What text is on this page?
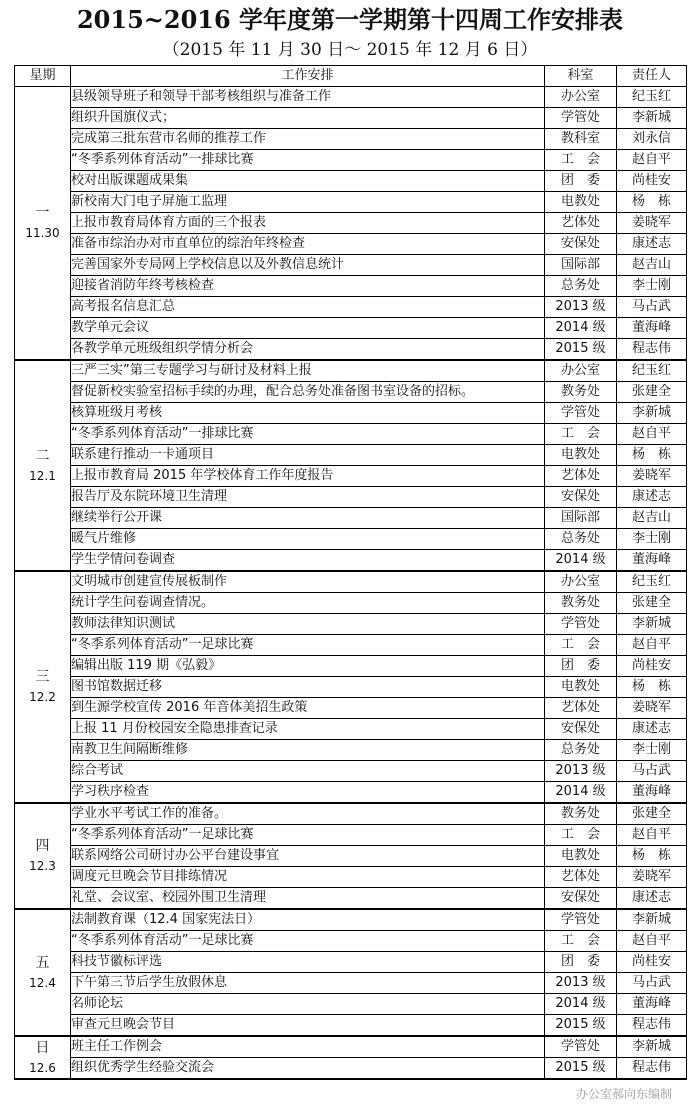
2015~2016 学年度第一学期第十四周工作安排表
（2015 年 11 月 30 日～ 2015 年 12 月 6 日）
星期	工作安排	科室	责任人

一
11.30	县级领导班子和领导干部考核组织与准备工作	办公室	纪玉红
	组织升国旗仪式；	学管处	李新城
	完成第三批东营市名师的推荐工作	教科室	刘永信
	“冬季系列体育活动”一排球比赛	工　会	赵自平
	校对出版课题成果集	团　委	尚桂安
	新校南大门电子屏施工监理	电教处	杨　栋
	上报市教育局体育方面的三个报表	艺体处	姜晓军
	准备市综治办对市直单位的综治年终检查	安保处	康述志
	完善国家外专局网上学校信息以及外教信息统计	国际部	赵吉山
	迎接省消防年终考核检查	总务处	李士刚
	高考报名信息汇总	2013 级	马占武
	教学单元会议	2014 级	董海峰
	各教学单元班级组织学情分析会	2015 级	程志伟

二
12.1	三严三实”第三专题学习与研讨及材料上报	办公室	纪玉红
	督促新校实验室招标手续的办理，配合总务处准备图书室设备的招标。	教务处	张建全
	核算班级月考核	学管处	李新城
	“冬季系列体育活动”一排球比赛	工　会	赵自平
	联系建行推动一卡通项目	电教处	杨　栋
	上报市教育局 2015 年学校体育工作年度报告	艺体处	姜晓军
	报告厅及东院环境卫生清理	安保处	康述志
	继续举行公开课	国际部	赵吉山
	暖气片维修	总务处	李士刚
	学生学情问卷调查	2014 级	董海峰

三
12.2	文明城市创建宣传展板制作	办公室	纪玉红
	统计学生问卷调查情况。	教务处	张建全
	教师法律知识测试	学管处	李新城
	“冬季系列体育活动”一足球比赛	工　会	赵自平
	编辑出版 119 期《弘毅》	团　委	尚桂安
	图书馆数据迁移	电教处	杨　栋
	到生源学校宣传 2016 年音体美招生政策	艺体处	姜晓军
	上报 11 月份校园安全隐患排查记录	安保处	康述志
	南教卫生间隔断维修	总务处	李士刚
	综合考试	2013 级	马占武
	学习秩序检查	2014 级	董海峰

四
12.3	学业水平考试工作的准备。	教务处	张建全
	“冬季系列体育活动”一足球比赛	工　会	赵自平
	联系网络公司研讨办公平台建设事宜	电教处	杨　栋
	调度元旦晚会节目排练情况	艺体处	姜晓军
	礼堂、会议室、校园外围卫生清理	安保处	康述志

五
12.4	法制教育课（12.4 国家宪法日）	学管处	李新城
	“冬季系列体育活动”一足球比赛	工　会	赵自平
	科技节徽标评选	团　委	尚桂安
	下午第三节后学生放假休息	2013 级	马占武
	名师论坛	2014 级	董海峰
	审查元旦晚会节目	2015 级	程志伟

日
12.6	班主任工作例会	学管处	李新城
	组织优秀学生经验交流会	2015 级	程志伟
办公室郝向东编制
